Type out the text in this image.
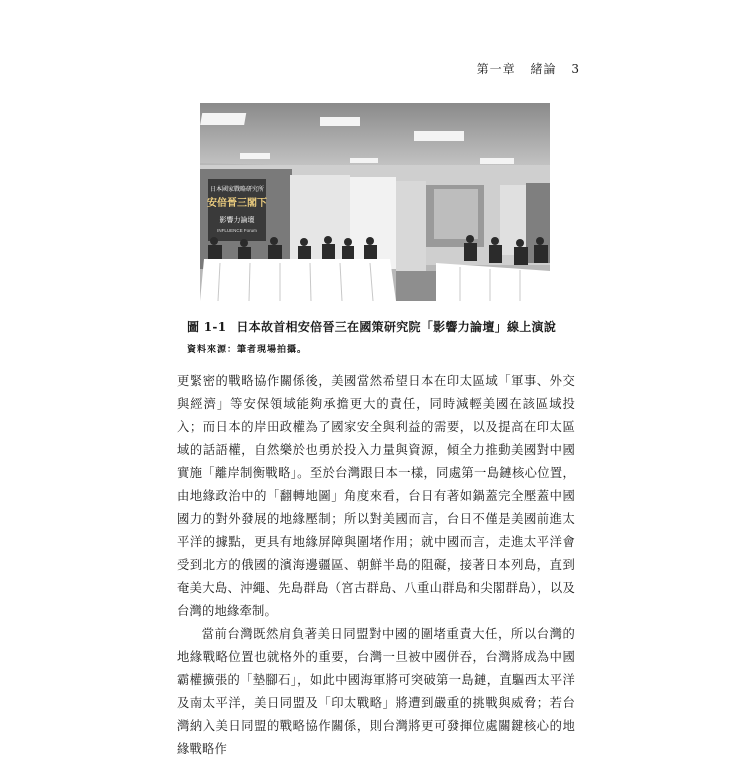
第一章 緒論 3
日本國家戰略研究所
安倍晉三閣下
影響力論壇
INFLUENCE Forum
圖 1-1 日本故首相安倍晉三在國策研究院「影響力論壇」線上演說
資料來源：筆者現場拍攝。

更緊密的戰略協作關係後，美國當然希望日本在印太區域「軍事、外交與經濟」等安保領域能夠承擔更大的責任，同時減輕美國在該區域投入；而日本的岸田政權為了國家安全與利益的需要，以及提高在印太區域的話語權，自然樂於也勇於投入力量與資源，傾全力推動美國對中國實施「離岸制衡戰略」。至於台灣跟日本一樣，同處第一島鏈核心位置，由地緣政治中的「翻轉地圖」角度來看，台日有著如鍋蓋完全壓蓋中國國力的對外發展的地緣壓制；所以對美國而言，台日不僅是美國前進太平洋的據點，更具有地緣屏障與圍堵作用；就中國而言，走進太平洋會受到北方的俄國的濱海邊疆區、朝鮮半島的阻礙，接著日本列島，直到奄美大島、沖繩、先島群島（宮古群島、八重山群島和尖閣群島），以及台灣的地緣牽制。

當前台灣既然肩負著美日同盟對中國的圍堵重責大任，所以台灣的地緣戰略位置也就格外的重要，台灣一旦被中國併吞，台灣將成為中國霸權擴張的「墊腳石」，如此中國海軍將可突破第一島鏈，直驅西太平洋及南太平洋，美日同盟及「印太戰略」將遭到嚴重的挑戰與威脅；若台灣納入美日同盟的戰略協作關係，則台灣將更可發揮位處關鍵核心的地緣戰略作
